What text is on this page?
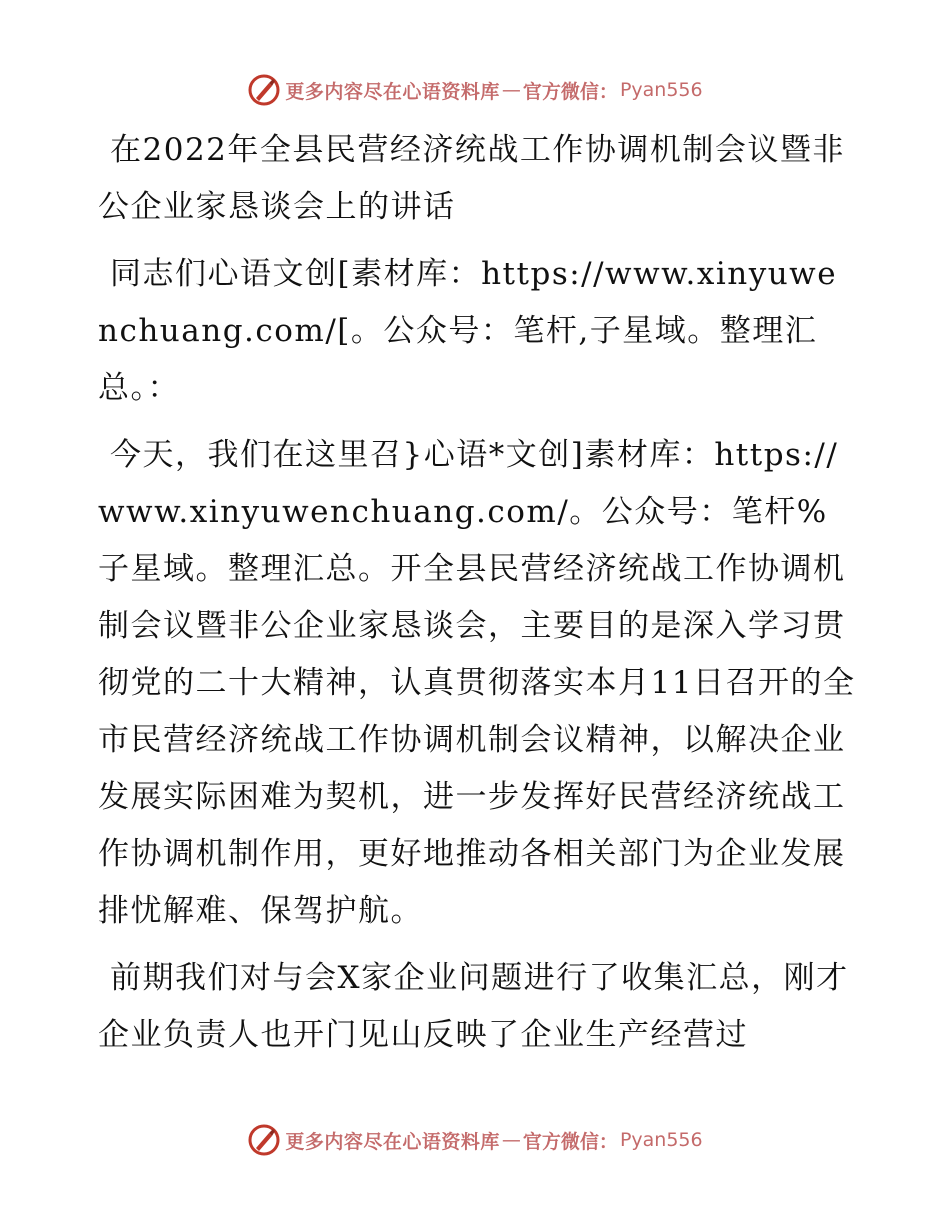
更多内容尽在心语资料库 — 官方微信： Pyan556

在2022年全县民营经济统战工作协调机制会议暨非公企业家恳谈会上的讲话

同志们心语文创[素材库：https://www.xinyuwenchuang.com/[。公众号：笔杆,子星域。整理汇总。：

今天，我们在这里召}心语*文创]素材库：https://www.xinyuwenchuang.com/。公众号：笔杆%子星域。整理汇总。开全县民营经济统战工作协调机制会议暨非公企业家恳谈会，主要目的是深入学习贯彻党的二十大精神，认真贯彻落实本月11日召开的全市民营经济统战工作协调机制会议精神，以解决企业发展实际困难为契机，进一步发挥好民营经济统战工作协调机制作用，更好地推动各相关部门为企业发展排忧解难、保驾护航。

前期我们对与会X家企业问题进行了收集汇总，刚才企业负责人也开门见山反映了企业生产经营过

更多内容尽在心语资料库 — 官方微信： Pyan556
